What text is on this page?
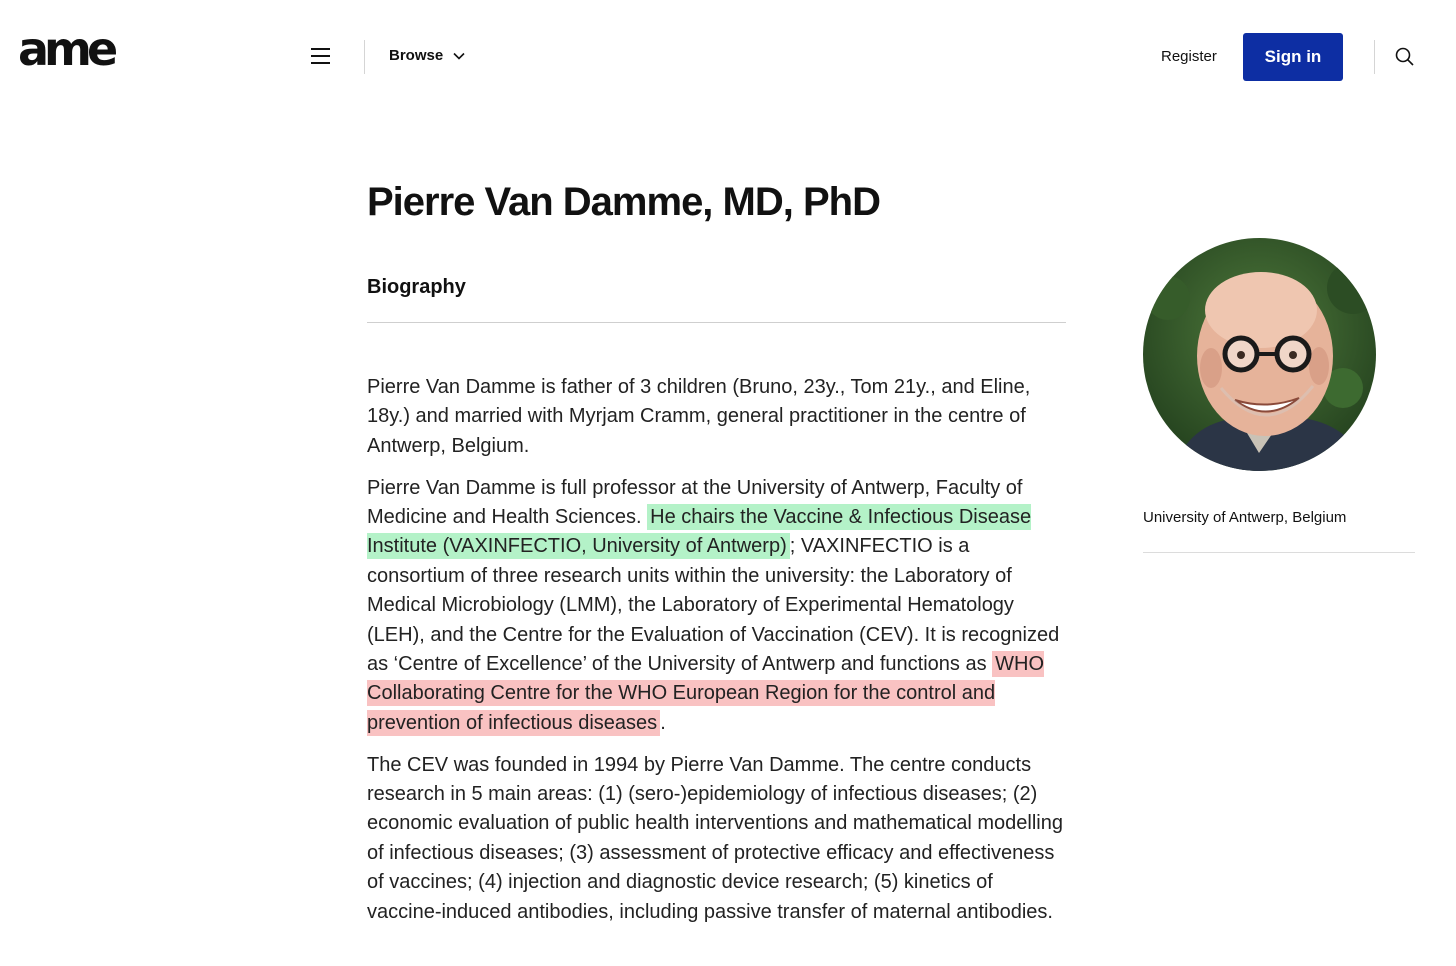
ame	Browse	Register	Sign in
Pierre Van Damme, MD, PhD
Biography

Pierre Van Damme is father of 3 children (Bruno, 23y., Tom 21y., and Eline, 18y.) and married with Myrjam Cramm, general practitioner in the centre of Antwerp, Belgium.

Pierre Van Damme is full professor at the University of Antwerp, Faculty of Medicine and Health Sciences. He chairs the Vaccine & Infectious Disease Institute (VAXINFECTIO, University of Antwerp) ; VAXINFECTIO is a consortium of three research units within the university: the Laboratory of Medical Microbiology (LMM), the Laboratory of Experimental Hematology (LEH), and the Centre for the Evaluation of Vaccination (CEV). It is recognized as ‘Centre of Excellence’ of the University of Antwerp and functions as WHO Collaborating Centre for the WHO European Region for the control and prevention of infectious diseases .

The CEV was founded in 1994 by Pierre Van Damme. The centre conducts research in 5 main areas: (1) (sero-)epidemiology of infectious diseases; (2) economic evaluation of public health interventions and mathematical modelling of infectious diseases; (3) assessment of protective efficacy and effectiveness of vaccines; (4) injection and diagnostic device research; (5) kinetics of vaccine-induced antibodies, including passive transfer of maternal antibodies.

University of Antwerp, Belgium
